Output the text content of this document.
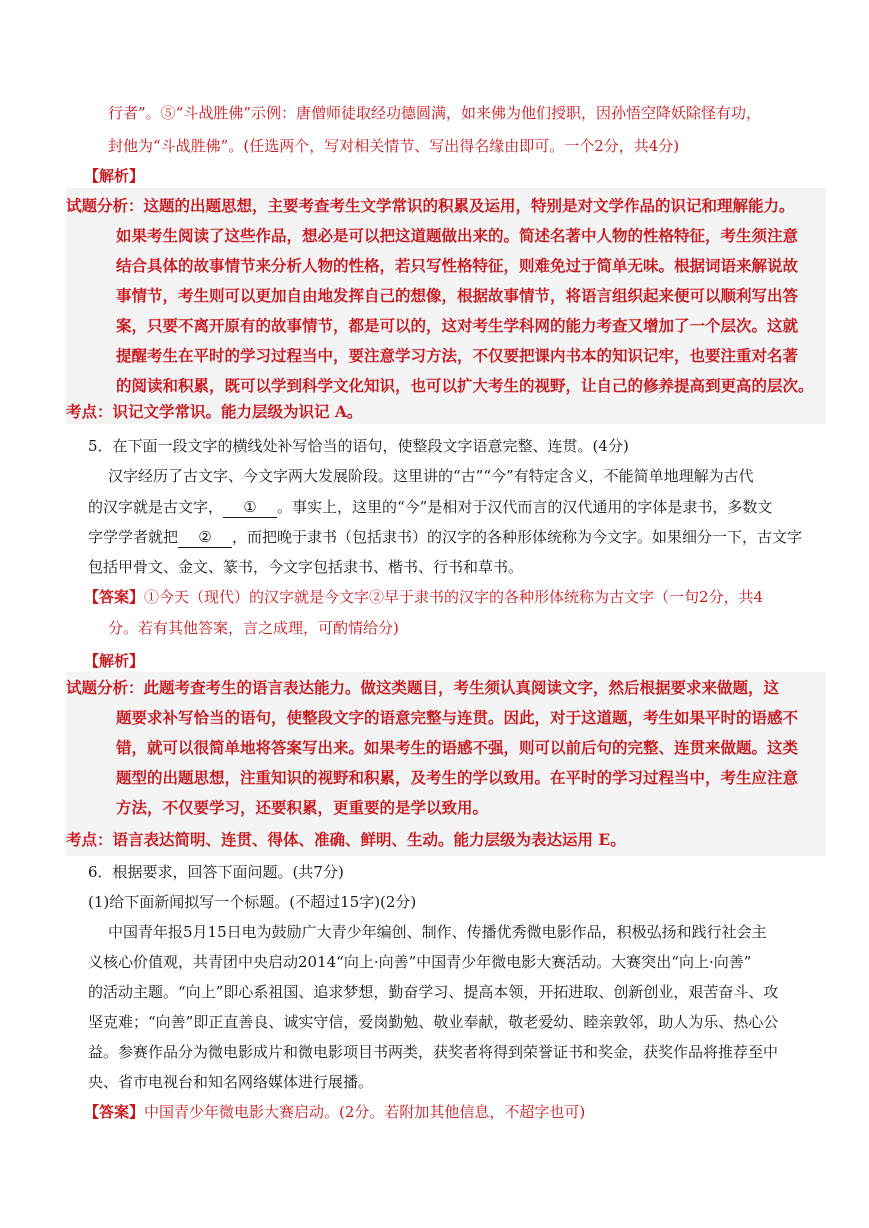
行者”。⑤“斗战胜佛”示例：唐僧师徒取经功德圆满，如来佛为他们授职，因孙悟空降妖除怪有功，
封他为“斗战胜佛”。(任选两个，写对相关情节、写出得名缘由即可。一个2分，共4分)
【解析】
试题分析：这题的出题思想，主要考查考生文学常识的积累及运用，特别是对文学作品的识记和理解能力。
如果考生阅读了这些作品，想必是可以把这道题做出来的。简述名著中人物的性格特征，考生须注意
结合具体的故事情节来分析人物的性格，若只写性格特征，则难免过于简单无味。根据词语来解说故
事情节，考生则可以更加自由地发挥自己的想像，根据故事情节，将语言组织起来便可以顺利写出答
案，只要不离开原有的故事情节，都是可以的，这对考生学科网的能力考查又增加了一个层次。这就
提醒考生在平时的学习过程当中，要注意学习方法，不仅要把课内书本的知识记牢，也要注重对名著
的阅读和积累，既可以学到科学文化知识，也可以扩大考生的视野，让自己的修养提高到更高的层次。
考点：识记文学常识。能力层级为识记 A。
5．在下面一段文字的横线处补写恰当的语句，使整段文字语意完整、连贯。(4分)
汉字经历了古文字、今文字两大发展阶段。这里讲的“古”“今”有特定含义，不能简单地理解为古代
的汉字就是古文字， ① 。事实上，这里的“今”是相对于汉代而言的汉代通用的字体是隶书，多数文
字学学者就把 ② ，而把晚于隶书（包括隶书）的汉字的各种形体统称为今文字。如果细分一下，古文字
包括甲骨文、金文、篆书，今文字包括隶书、楷书、行书和草书。
【答案】①今天（现代）的汉字就是今文字②早于隶书的汉字的各种形体统称为古文字（一句2分，共4
分。若有其他答案，言之成理，可酌情给分)
【解析】
试题分析：此题考查考生的语言表达能力。做这类题目，考生须认真阅读文字，然后根据要求来做题，这
题要求补写恰当的语句，使整段文字的语意完整与连贯。因此，对于这道题，考生如果平时的语感不
错，就可以很简单地将答案写出来。如果考生的语感不强，则可以前后句的完整、连贯来做题。这类
题型的出题思想，注重知识的视野和积累，及考生的学以致用。在平时的学习过程当中，考生应注意
方法，不仅要学习，还要积累，更重要的是学以致用。
考点：语言表达简明、连贯、得体、准确、鲜明、生动。能力层级为表达运用 E。
6．根据要求，回答下面问题。(共7分)
(1)给下面新闻拟写一个标题。(不超过15字)(2分)
中国青年报5月15日电为鼓励广大青少年编创、制作、传播优秀微电影作品，积极弘扬和践行社会主
义核心价值观，共青团中央启动2014“向上·向善”中国青少年微电影大赛活动。大赛突出“向上·向善”
的活动主题。“向上”即心系祖国、追求梦想，勤奋学习、提高本领，开拓进取、创新创业，艰苦奋斗、攻
坚克难；“向善”即正直善良、诚实守信，爱岗勤勉、敬业奉献，敬老爱幼、睦亲敦邻，助人为乐、热心公
益。参赛作品分为微电影成片和微电影项目书两类，获奖者将得到荣誉证书和奖金，获奖作品将推荐至中
央、省市电视台和知名网络媒体进行展播。
【答案】中国青少年微电影大赛启动。(2分。若附加其他信息，不超字也可)
